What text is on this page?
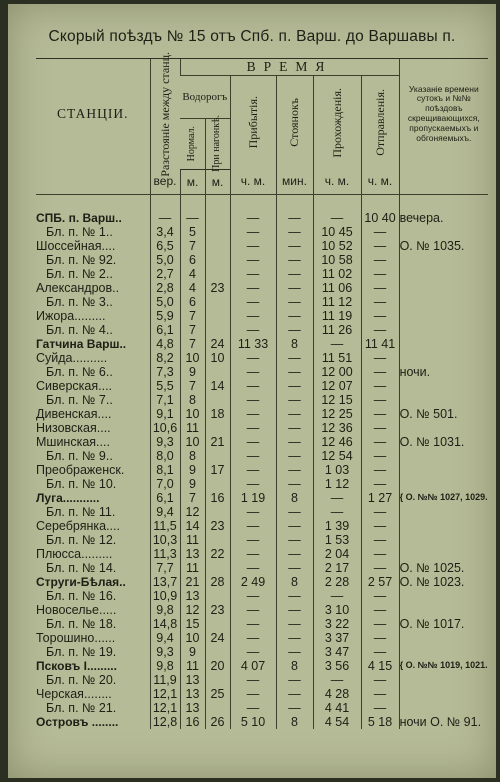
Скорый поѣздъ № 15 отъ Спб. п. Варш. до Варшавы п.
СТАНЦІИ.	Разстояніе между станц.	ВРЕМЯ						Указаніе времени сутокъ и №№ поѣздовъ скрещивающихся, пропускаемыхъ и обгоняемыхъ.
		Водорогъ		Прибытія.	Стоянокъ	Прохожденія.	Отправленія.	

		Нормал.	При нагонкѣ.					

	вер.	м.	м.	ч. м.	мин.	ч. м.	ч. м.	

СПБ. п. Варш..	—	—		—	—	—	10 40	вечера.
Бл. п. № 1..	3,4	5		—	—	10 45	—	
Шоссейная....	6,5	7		—	—	10 52	—	О. № 1035.
Бл. п. № 92.	5,0	6		—	—	10 58	—	
Бл. п. № 2..	2,7	4		—	—	11 02	—	
Александров..	2,8	4	23	—	—	11 06	—	
Бл. п. № 3..	5,0	6		—	—	11 12	—	
Ижора.........	5,9	7		—	—	11 19	—	
Бл. п. № 4..	6,1	7		—	—	11 26	—	
Гатчина Варш..	4,8	7	24	11 33	8	—	11 41	
Суйда..........	8,2	10	10	—	—	11 51	—	
Бл. п. № 6..	7,3	9		—	—	12 00	—	ночи.
Сиверская....	5,5	7	14	—	—	12 07	—	
Бл. п. № 7..	7,1	8		—	—	12 15	—	
Дивенская....	9,1	10	18	—	—	12 25	—	О. № 501.
Низовская....	10,6	11		—	—	12 36	—	
Мшинская....	9,3	10	21	—	—	12 46	—	О. № 1031.
Бл. п. № 9..	8,0	8		—	—	12 54	—	
Преображенск.	8,1	9	17	—	—	1 03	—	
Бл. п. № 10.	7,0	9		—	—	1 12	—	
Луга...........	6,1	7	16	1 19	8	—	1 27	{ О. №№ 1027, 1029.
Бл. п. № 11.	9,4	12		—	—	—	—	
Серебрянка....	11,5	14	23	—	—	1 39	—	
Бл. п. № 12.	10,3	11		—	—	1 53	—	
Плюсса.........	11,3	13	22	—	—	2 04	—	
Бл. п. № 14.	7,7	11		—	—	2 17	—	О. № 1025.
Струги-Бѣлая..	13,7	21	28	2 49	8	2 28	2 57	О. № 1023.
Бл. п. № 16.	10,9	13		—	—	—	—	
Новоселье.....	9,8	12	23	—	—	3 10	—	
Бл. п. № 18.	14,8	15		—	—	3 22	—	О. № 1017.
Торошино......	9,4	10	24	—	—	3 37	—	
Бл. п. № 19.	9,3	9		—	—	3 47	—	
Псковъ I.........	9,8	11	20	4 07	8	3 56	4 15	{ О. №№ 1019, 1021.
Бл. п. № 20.	11,9	13		—	—	—	—	
Черская........	12,1	13	25	—	—	4 28	—	
Бл. п. № 21.	12,1	13		—	—	4 41	—	
Островъ ........	12,8	16	26	5 10	8	4 54	5 18	ночи О. № 91.
